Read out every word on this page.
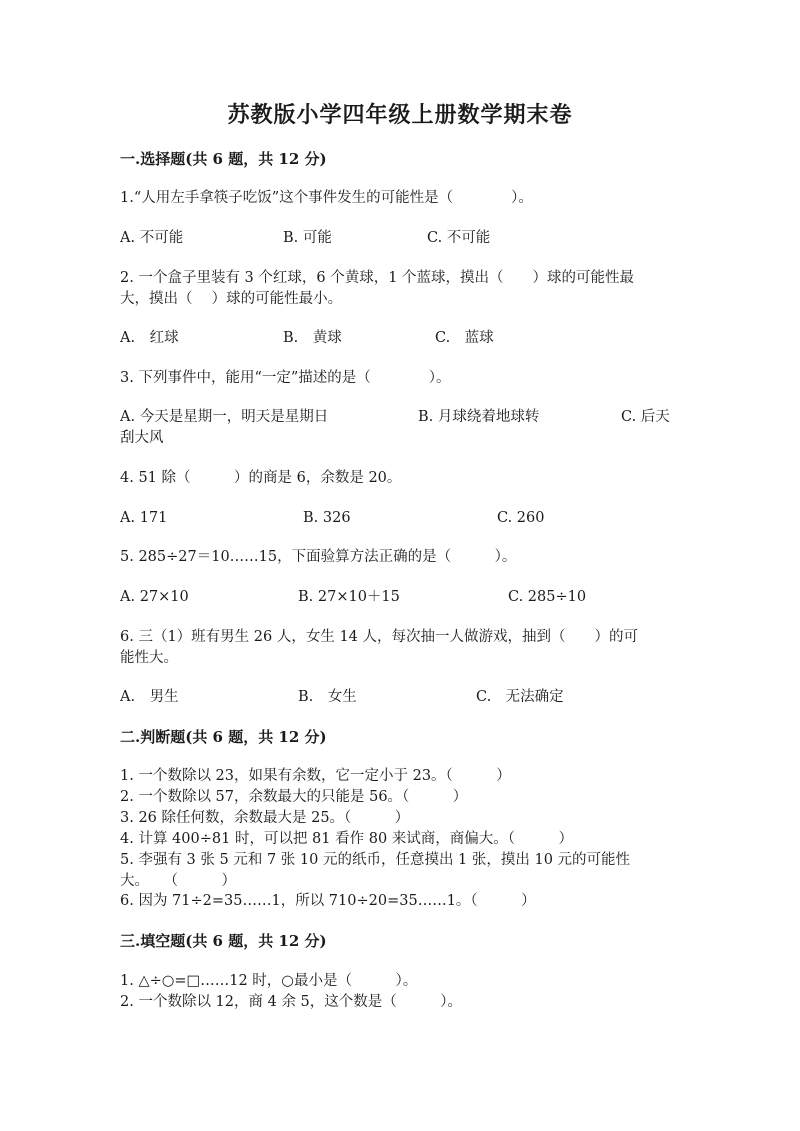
苏教版小学四年级上册数学期末卷

一.选择题(共 6 题，共 12 分)

1.“人用左手拿筷子吃饭”这个事件发生的可能性是（　　　　）。

A. 不可能	B. 可能	C. 不可能

2. 一个盒子里装有 3 个红球，6 个黄球，1 个蓝球，摸出（　　）球的可能性最

大，摸出（　 ）球的可能性最小。

A.　红球	B.　黄球	C.　蓝球

3. 下列事件中，能用“一定”描述的是（　　　　）。

A. 今天是星期一，明天是星期日	B. 月球绕着地球转	C. 后天

刮大风

4. 51 除（　　　）的商是 6，余数是 20。

A. 171	B. 326	C. 260

5. 285÷27＝10……15，下面验算方法正确的是（　　　）。

A. 27×10	B. 27×10＋15	C. 285÷10

6. 三（1）班有男生 26 人，女生 14 人，每次抽一人做游戏，抽到（　　）的可

能性大。

A.　男生	B.　女生	C.　无法确定

二.判断题(共 6 题，共 12 分)

1. 一个数除以 23，如果有余数，它一定小于 23。（　　　）

2. 一个数除以 57，余数最大的只能是 56。（　　　）

3. 26 除任何数，余数最大是 25。（　　　）

4. 计算 400÷81 时，可以把 81 看作 80 来试商，商偏大。（　　　）

5. 李强有 3 张 5 元和 7 张 10 元的纸币，任意摸出 1 张，摸出 10 元的可能性

大。　　（　　　）

6. 因为 71÷2=35……1，所以 710÷20=35……1。（　　　）

三.填空题(共 6 题，共 12 分)

1. △÷○=□……12 时，○最小是（　　　）。

2. 一个数除以 12，商 4 余 5，这个数是（　　　）。
